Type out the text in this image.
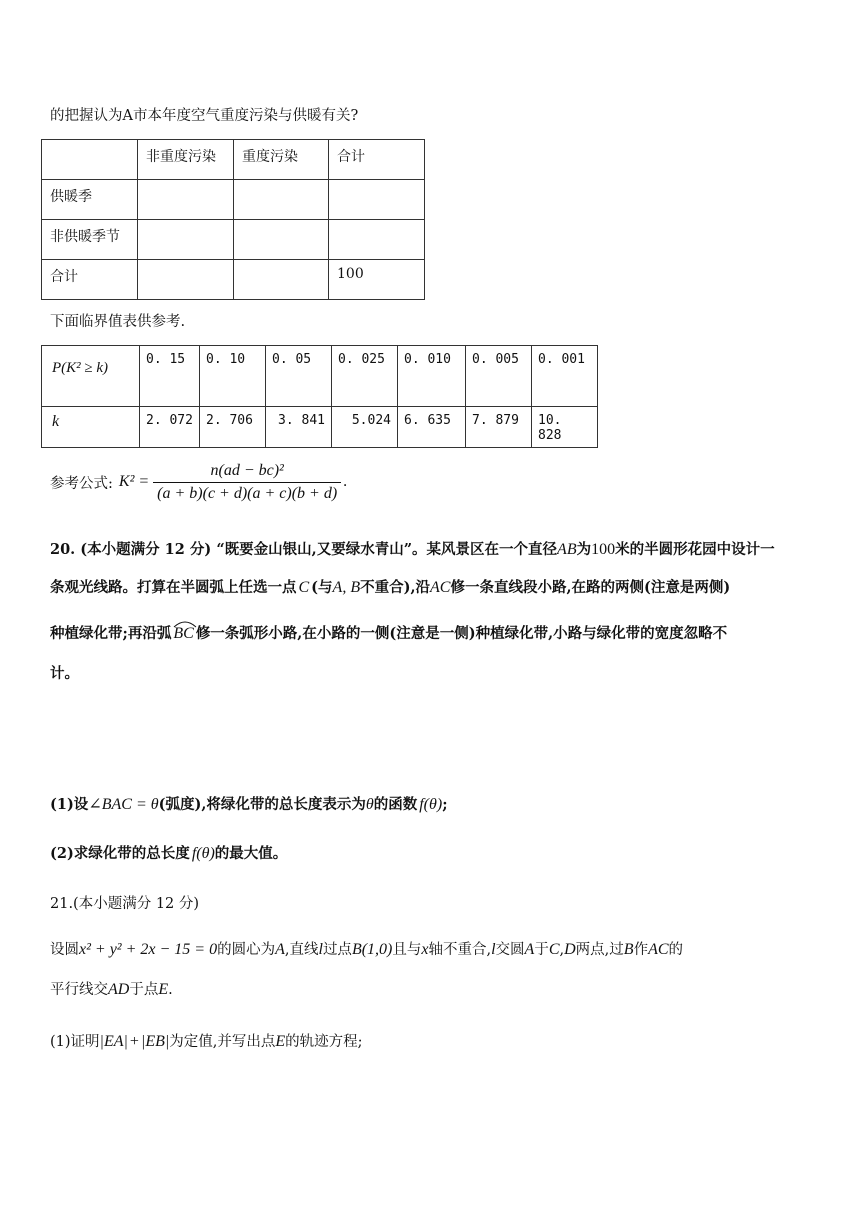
的把握认为A市本年度空气重度污染与供暖有关?
	非重度污染	重度污染	合计
供暖季			
非供暖季节			
合计			100
下面临界值表供参考.
P(K² ≥ k)	0. 15	0. 10	0. 05	0. 025	0. 010	0. 005	0. 001
k	2. 072	2. 706	3. 841	5.024	6. 635	7. 879	10. 828
参考公式: $K^2 = \frac{\text{n(ad − bc)²}}{(a + b)(c + d)(a + c)(b + d)}$ .
20. (本小题满分 12 分) “既要金山银山,又要绿水青山”。某风景区在一个直径AB为100米的半圆形花园中设计一
条观光线路。打算在半圆弧上任选一点 C (与A, B不重合),沿AC修一条直线段小路,在路的两侧(注意是两侧)
种植绿化带;再沿弧 BC 修一条弧形小路,在小路的一侧(注意是一侧)种植绿化带,小路与绿化带的宽度忽略不
计。
(1)设∠BAC = θ(弧度),将绿化带的总长度表示为θ的函数 f(θ);
(2)求绿化带的总长度 f(θ)的最大值。
21.(本小题满分 12 分)
设圆x² + y² + 2x − 15 = 0的圆心为A,直线l过点B(1,0)且与x轴不重合,l交圆A于C,D两点,过B作AC的
平行线交AD于点E.
(1)证明|EA| + |EB|为定值,并写出点E的轨迹方程;
